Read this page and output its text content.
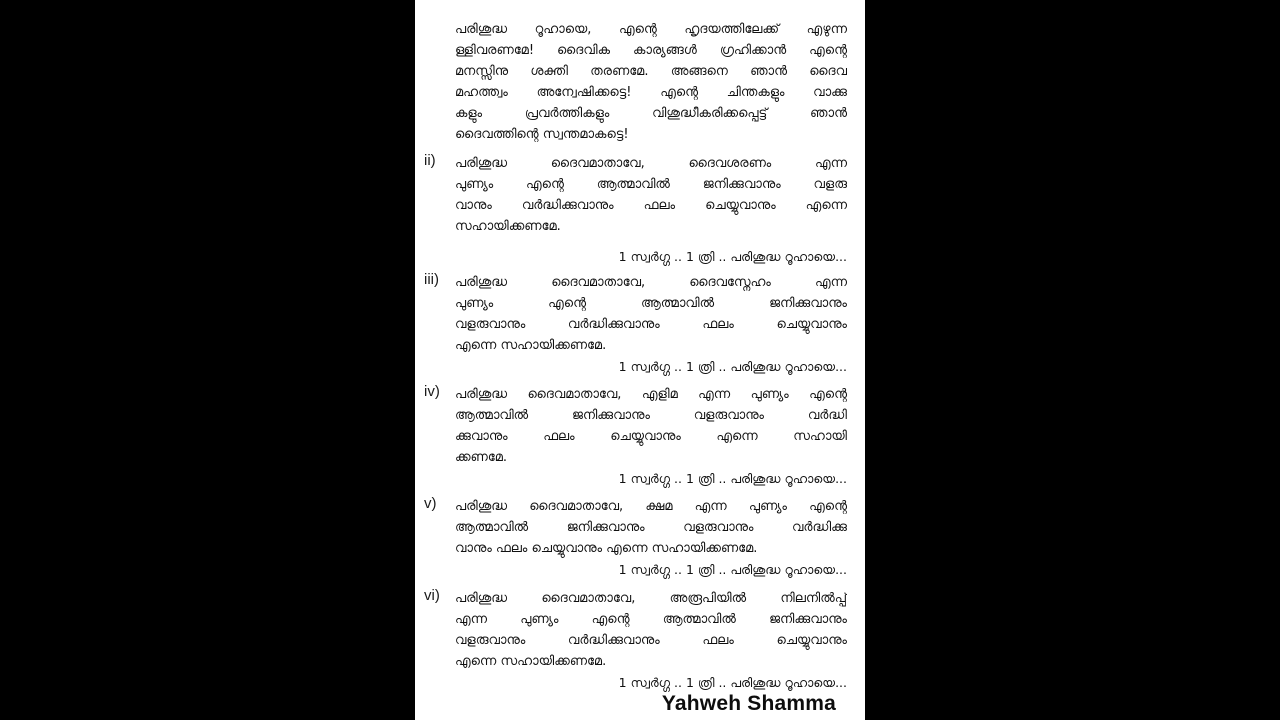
പരിശുദ്ധ റൂഹായെ, എന്റെ ഹൃദയത്തിലേക്ക് എഴുന്ന
ള്ളിവരണമേ! ദൈവിക കാര്യങ്ങൾ ഗ്രഹിക്കാൻ എന്റെ
മനസ്സിനു ശക്തി തരണമേ. അങ്ങനെ ഞാൻ ദൈവ
മഹത്ത്വം അന്വേഷിക്കട്ടെ! എന്റെ ചിന്തകളും വാക്കു
കളും പ്രവർത്തികളും വിശുദ്ധീകരിക്കപ്പെട്ട് ഞാൻ
ദൈവത്തിന്റെ സ്വന്തമാകട്ടെ!
ii) പരിശുദ്ധ ദൈവമാതാവേ, ദൈവശരണം എന്ന
പുണ്യം എന്റെ ആത്മാവിൽ ജനിക്കുവാനും വളരു
വാനും വർദ്ധിക്കുവാനും ഫലം ചെയ്യുവാനും എന്നെ
സഹായിക്കണമേ.
1 സ്വർഗ്ഗ .. 1 ത്രി .. പരിശുദ്ധ റൂഹായെ...
iii) പരിശുദ്ധ ദൈവമാതാവേ, ദൈവസ്നേഹം എന്ന
പുണ്യം എന്റെ ആത്മാവിൽ ജനിക്കുവാനും
വളരുവാനും വർദ്ധിക്കുവാനും ഫലം ചെയ്യുവാനും
എന്നെ സഹായിക്കണമേ.
1 സ്വർഗ്ഗ .. 1 ത്രി .. പരിശുദ്ധ റൂഹായെ...
iv) പരിശുദ്ധ ദൈവമാതാവേ, എളിമ എന്ന പുണ്യം എന്റെ
ആത്മാവിൽ ജനിക്കുവാനും വളരുവാനും വർദ്ധി
ക്കുവാനും ഫലം ചെയ്യുവാനും എന്നെ സഹായി
ക്കണമേ.
1 സ്വർഗ്ഗ .. 1 ത്രി .. പരിശുദ്ധ റൂഹായെ...
v) പരിശുദ്ധ ദൈവമാതാവേ, ക്ഷമ എന്ന പുണ്യം എന്റെ
ആത്മാവിൽ ജനിക്കുവാനും വളരുവാനും വർദ്ധിക്കു
വാനും ഫലം ചെയ്യുവാനും എന്നെ സഹായിക്കണമേ.
1 സ്വർഗ്ഗ .. 1 ത്രി .. പരിശുദ്ധ റൂഹായെ...
vi) പരിശുദ്ധ ദൈവമാതാവേ, അരൂപിയിൽ നിലനിൽപ്പ്
എന്ന പുണ്യം എന്റെ ആത്മാവിൽ ജനിക്കുവാനും
വളരുവാനും വർദ്ധിക്കുവാനും ഫലം ചെയ്യുവാനും
എന്നെ സഹായിക്കണമേ.
1 സ്വർഗ്ഗ .. 1 ത്രി .. പരിശുദ്ധ റൂഹായെ...
Yahweh Shamma
